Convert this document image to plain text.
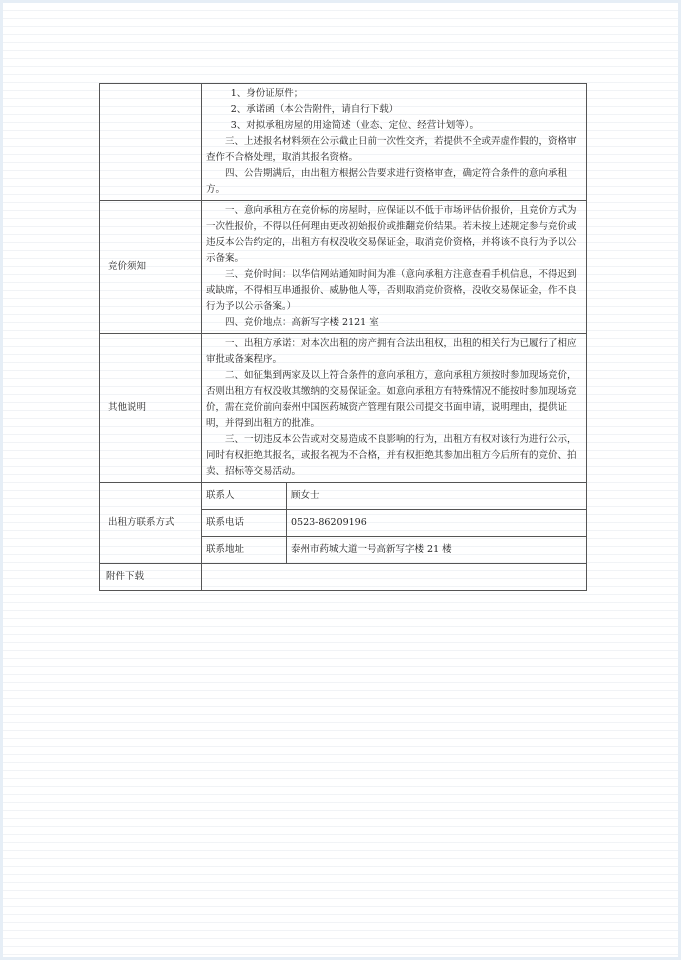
	1、身份证原件；

2、承诺函（本公告附件，请自行下载）

3、对拟承租房屋的用途简述（业态、定位、经营计划等）。

三、上述报名材料须在公示截止日前一次性交齐，若提供不全或弄虚作假的，资格审查作不合格处理，取消其报名资格。

四、公告期满后，由出租方根据公告要求进行资格审查，确定符合条件的意向承租方。	

竞价须知	一、意向承租方在竞价标的房屋时，应保证以不低于市场评估价报价，且竞价方式为一次性报价，不得以任何理由更改初始报价或推翻竞价结果。若未按上述规定参与竞价或违反本公告约定的，出租方有权没收交易保证金，取消竞价资格，并将该不良行为予以公示备案。

三、竞价时间：以华信网站通知时间为准（意向承租方注意查看手机信息，不得迟到或缺席，不得相互串通报价、威胁他人等，否则取消竞价资格，没收交易保证金，作不良行为予以公示备案。）

四、竞价地点：高新写字楼 2121 室	

其他说明	一、出租方承诺：对本次出租的房产拥有合法出租权，出租的相关行为已履行了相应审批或备案程序。

二、如征集到两家及以上符合条件的意向承租方，意向承租方须按时参加现场竞价，否则出租方有权没收其缴纳的交易保证金。如意向承租方有特殊情况不能按时参加现场竞价，需在竞价前向泰州中国医药城资产管理有限公司提交书面申请，说明理由，提供证明，并得到出租方的批准。

三、一切违反本公告或对交易造成不良影响的行为，出租方有权对该行为进行公示，同时有权拒绝其报名，或报名视为不合格，并有权拒绝其参加出租方今后所有的竞价、拍卖、招标等交易活动。	

出租方联系方式	联系人	顾女士
	联系电话	0523-86209196
	联系地址	泰州市药城大道一号高新写字楼 21 楼
附件下载		
